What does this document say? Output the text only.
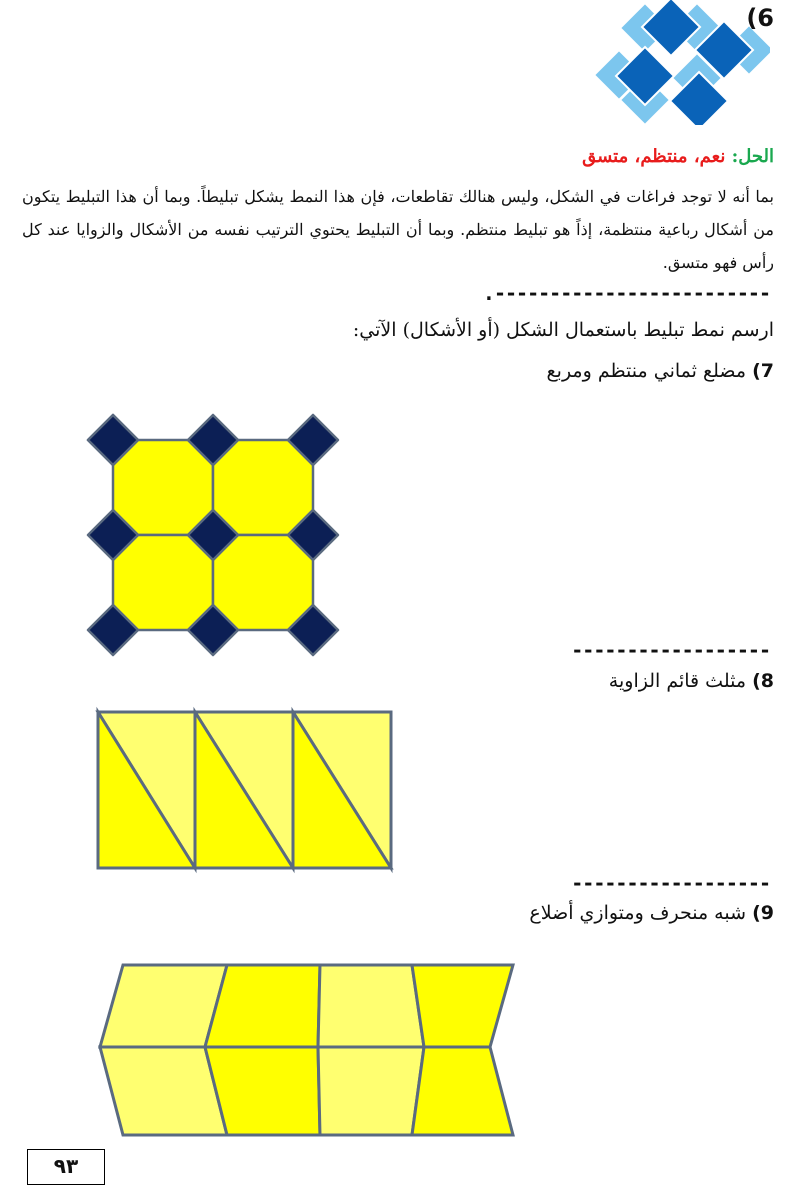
(6
الحل: نعم، منتظم، متسق
بما أنه لا توجد فراغات في الشكل، وليس هنالك تقاطعات، فإن هذا النمط يشكل تبليطاً. وبما أن هذا التبليط يتكون من أشكال رباعية منتظمة، إذاً هو تبليط منتظم. وبما أن التبليط يحتوي الترتيب نفسه من الأشكال والزوايا عند كل رأس فهو متسق.
.-------------------------
ارسم نمط تبليط باستعمال الشكل (أو الأشكال) الآتي:
7) مضلع ثماني منتظم ومربع
------------------
8) مثلث قائم الزاوية
------------------
9) شبه منحرف ومتوازي أضلاع
٩٣
